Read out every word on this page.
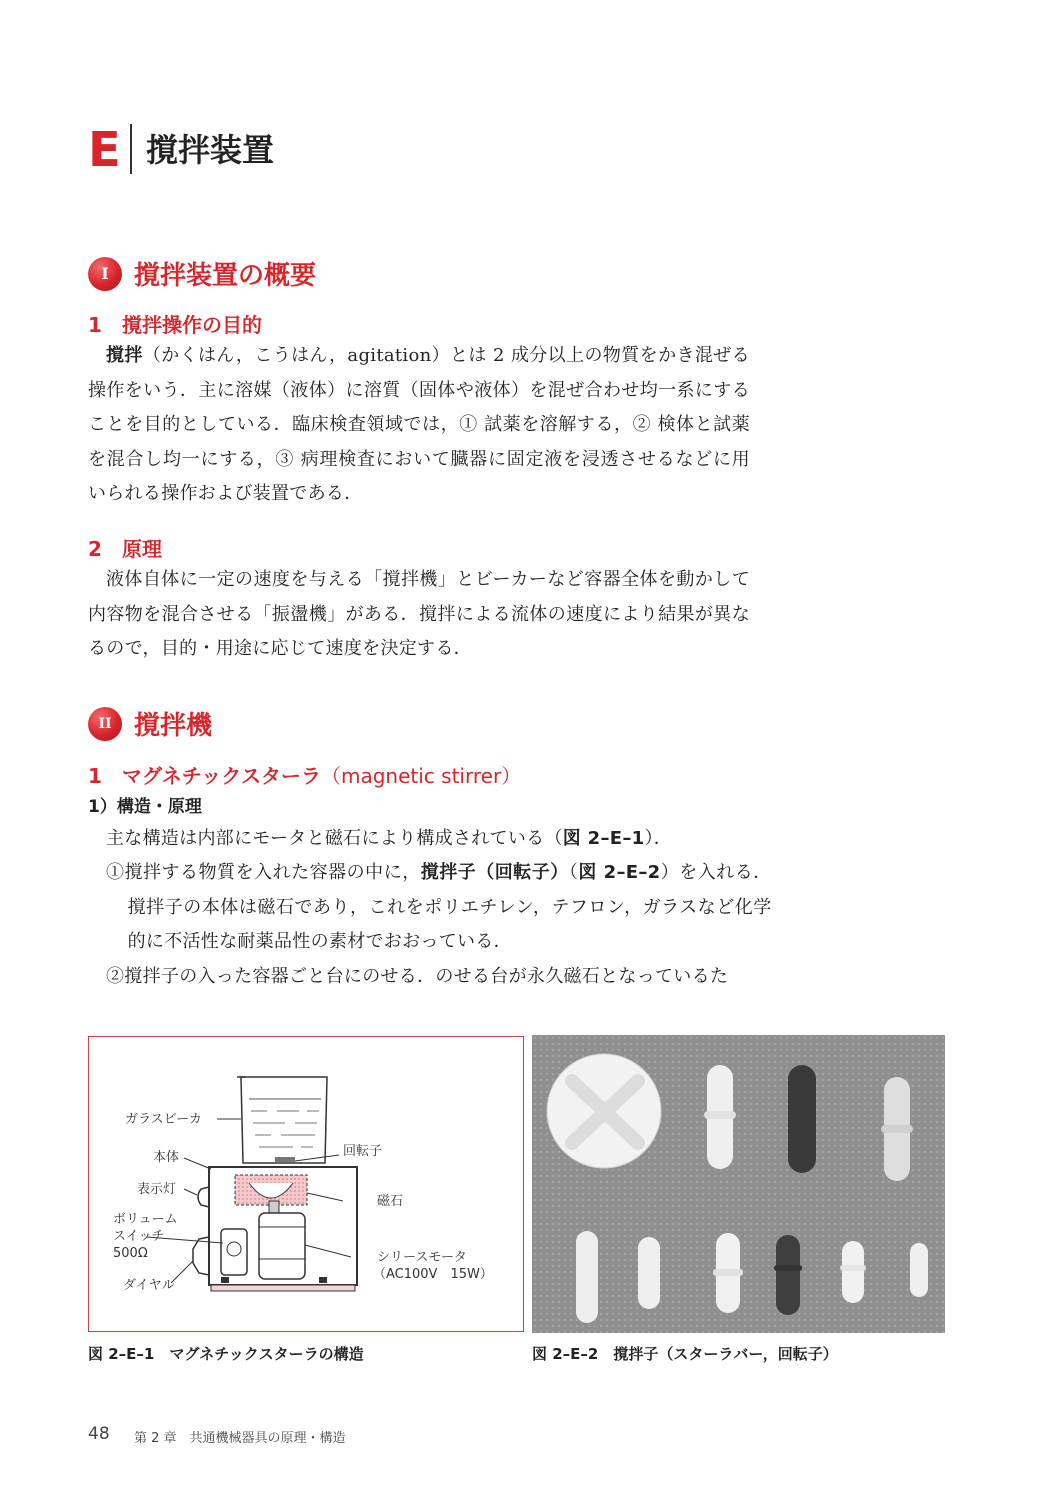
E 撹拌装置
I 撹拌装置の概要
1 撹拌操作の目的
撹拌（かくはん，こうはん，agitation）とは 2 成分以上の物質をかき混ぜる操作をいう．主に溶媒（液体）に溶質（固体や液体）を混ぜ合わせ均一系にすることを目的としている．臨床検査領域では，① 試薬を溶解する，② 検体と試薬を混合し均一にする，③ 病理検査において臓器に固定液を浸透させるなどに用いられる操作および装置である．
2 原理
液体自体に一定の速度を与える「撹拌機」とビーカーなど容器全体を動かして内容物を混合させる「振盪機」がある．撹拌による流体の速度により結果が異なるので，目的・用途に応じて速度を決定する．
II 撹拌機
1 マグネチックスターラ（magnetic stirrer）
1）構造・原理
主な構造は内部にモータと磁石により構成されている（図 2–E–1）．
①撹拌する物質を入れた容器の中に，撹拌子（回転子）（図 2–E–2）を入れる．撹拌子の本体は磁石であり，これをポリエチレン，テフロン，ガラスなど化学的に不活性な耐薬品性の素材でおおっている．
②撹拌子の入った容器ごと台にのせる．のせる台が永久磁石となっているた
ガラスビーカ
本体
表示灯
ボリューム
スイッチ
500Ω
ダイヤル
回転子
磁石
シリースモータ
（AC100V　15W）
図 2–E–1　マグネチックスターラの構造	図 2–E–2　撹拌子（スターラバー，回転子）
48 第 2 章　共通機械器具の原理・構造
